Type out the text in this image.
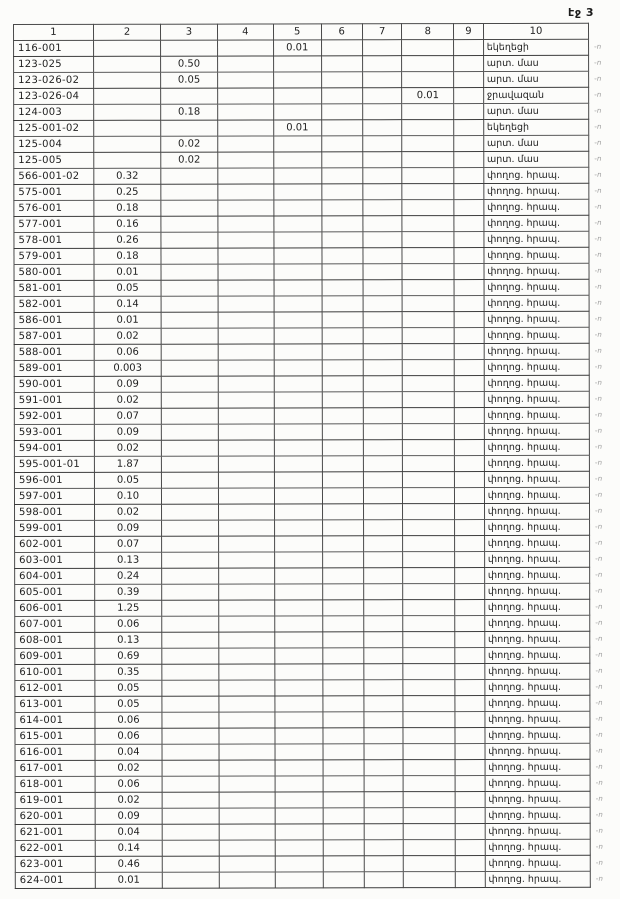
էջ 3
1	2	3	4	5	6	7	8	9	10	
116-001				0.01					եկեղեցի	֊ո
123-025		0.50							արտ. մաս	֊ո
123-026-02		0.05							արտ. մաս	֊ո
123-026-04							0.01		ջրավազան	֊ո
124-003		0.18							արտ. մաս	֊ո
125-001-02				0.01					եկեղեցի	֊ո
125-004		0.02							արտ. մաս	֊ո
125-005		0.02							արտ. մաս	֊ո
566-001-02	0.32								փողոց. հրապ.	֊ո
575-001	0.25								փողոց. հրապ.	֊ո
576-001	0.18								փողոց. հրապ.	֊ո
577-001	0.16								փողոց. հրապ.	֊ո
578-001	0.26								փողոց. հրապ.	֊ո
579-001	0.18								փողոց. հրապ.	֊ո
580-001	0.01								փողոց. հրապ.	֊ո
581-001	0.05								փողոց. հրապ.	֊ո
582-001	0.14								փողոց. հրապ.	֊ո
586-001	0.01								փողոց. հրապ.	֊ո
587-001	0.02								փողոց. հրապ.	֊ո
588-001	0.06								փողոց. հրապ.	֊ո
589-001	0.003								փողոց. հրապ.	֊ո
590-001	0.09								փողոց. հրապ.	֊ո
591-001	0.02								փողոց. հրապ.	֊ո
592-001	0.07								փողոց. հրապ.	֊ո
593-001	0.09								փողոց. հրապ.	֊ո
594-001	0.02								փողոց. հրապ.	֊ո
595-001-01	1.87								փողոց. հրապ.	֊ո
596-001	0.05								փողոց. հրապ.	֊ո
597-001	0.10								փողոց. հրապ.	֊ո
598-001	0.02								փողոց. հրապ.	֊ո
599-001	0.09								փողոց. հրապ.	֊ո
602-001	0.07								փողոց. հրապ.	֊ո
603-001	0.13								փողոց. հրապ.	֊ո
604-001	0.24								փողոց. հրապ.	֊ո
605-001	0.39								փողոց. հրապ.	֊ո
606-001	1.25								փողոց. հրապ.	֊ո
607-001	0.06								փողոց. հրապ.	֊ո
608-001	0.13								փողոց. հրապ.	֊ո
609-001	0.69								փողոց. հրապ.	֊ո
610-001	0.35								փողոց. հրապ.	֊ո
612-001	0.05								փողոց. հրապ.	֊ո
613-001	0.05								փողոց. հրապ.	֊ո
614-001	0.06								փողոց. հրապ.	֊ո
615-001	0.06								փողոց. հրապ.	֊ո
616-001	0.04								փողոց. հրապ.	֊ո
617-001	0.02								փողոց. հրապ.	֊ո
618-001	0.06								փողոց. հրապ.	֊ո
619-001	0.02								փողոց. հրապ.	֊ո
620-001	0.09								փողոց. հրապ.	֊ո
621-001	0.04								փողոց. հրապ.	֊ո
622-001	0.14								փողոց. հրապ.	֊ո
623-001	0.46								փողոց. հրապ.	֊ո
624-001	0.01								փողոց. հրապ.	֊ո
